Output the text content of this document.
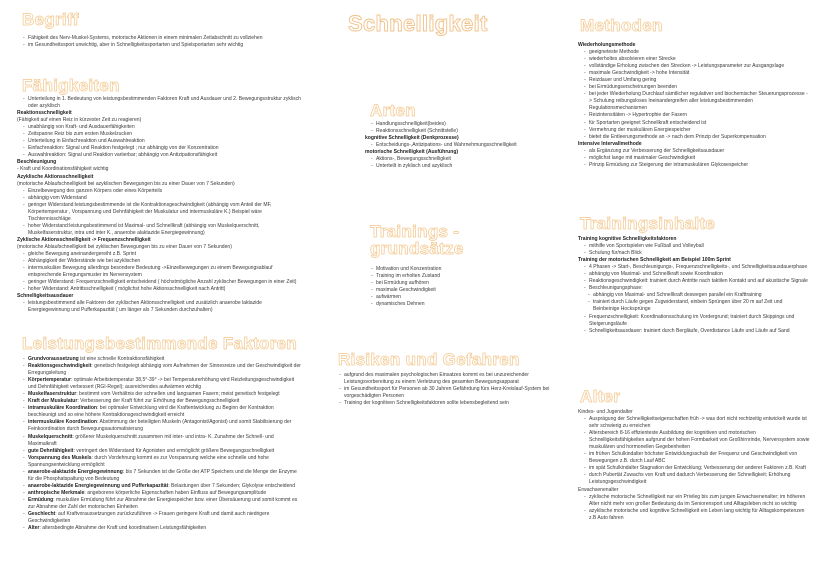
Schnelligkeit
Begriff
- Fähigkeit des Nerv-Muskel-Systems, motorische Aktionen in einem minimalen Zeitabschnitt zu vollziehen
- im Gesundheitssport unwichtig, aber in Schnelligkeitssportarten und Spielsportarten sehr wichtig
Fähigkeiten
- Unterteilung in 1. Bedeutung von leistungsbestimmenden Faktoren Kraft und Ausdauer und 2. Bewegungsstruktur zyklisch oder azyklisch
Reaktionsschnelligkeit
(Fähigkeit auf einen Reiz in kürzester Zeit zu reagieren)
- unabhängig von Kraft- und Ausdauerfähigkeiten
- Zeitspanne Reiz bis zum ersten Muskelzucken
- Unterteilung in Einfachreaktion und Auswahlreaktion
- Einfachreaktion: Signal und Reaktion festgelegt ; nur abhängig von der Konzentration
- Auswahlreaktion: Signal und Reaktion variierbar; abhängig von Antizipationsfähigkeit
Beschleunigung
- Kraft und Koordinationsfähigkeit wichtig
Azyklische Aktionsschnelligkeit
(motorische Ablaufschnelligkeit bei azyklischen Bewegungen bis zu einer Dauer von 7 Sekunden)
- Einzelbewegung des ganzen Körpers oder eines Körperteils
- abhängig vom Widerstand
- geringer Widerstand:leistungsbestimmende ist die Kontraktionsgeschwindigkeit (abhängig vom Anteil der MF, Körpertemperatur , Vorspannung und Dehnfähigkeit der Muskulatur und intermuskuläre K.) Beispiel wäre Tischtennisschläge
- hoher Widerstand:leistungsbestimmend ist Maximal- und Schnellkraft (abhängig von Muskelquerschnitt, Muskelfaserstruktur, intra und inter K., anaerobe alaktazide Energiegewinnung)
Zyklische Aktionsschnelligkeit -> Frequenzschnelligkeit
(motorische Ablaufschnelligkeit bei zyklischen Bewegungen bis zu einer Dauer von 7 Sekunden)
- gleiche Bewegung aneinandergereiht z.B. Sprint
- Abhängigkeit der Widerstände wie bei azyklischen
- intermuskuläre Bewegung allerdings besondere Bedeutung ->Einzelbewegungen zu einem Bewegungsablauf entsprechende Erregungsmuster im Nervensystem
- geringer Widerstand: Frequenzschnelligkeit entscheidend ( höchstmögliche Anzahl zyklischer Bewegungen in einer Zeit)
- hoher Widerstand: Antrittsschnelligkeit ( möglichst hohe Aktionsschnelligkeit nach Antritt)
Schnelligkeitsausdauer
- leistungsbestimmend alle Faktoren der zyklischen Aktionsschnelligkeit und zusätzlich anaerobe laktazide Energiegewinnung und Pufferkapazität ( um länger als 7 Sekunden durchzuhalten)
Leistungsbestimmende Faktoren
- Grundvoraussetzung ist eine schnelle Kontraktionsfähigkeit
- Reaktionsgeschwindigkeit: genetisch festgelegt abhängig vom Aufnehmen der Sinnesreize und der Geschwindigkeit der Erregungsleitung
- Körpertemperatur: optimale Arbeitstemperatur 38,5°-39° -> bei Temperaturerhöhung wird Reizleitungsgeschwindigkeit und Dehnfähigkeit verbessert (RGI-Regel); ausreichendes aufwärmen wichtig
- Muskelfaserstruktur: bestimmt vom Verhältnis der schnellen und langsamen Fasern; meist genetisch festgelegt
- Kraft der Muskulatur: Verbesserung der Kraft führt zur Erhöhung der Bewegungsschnelligkeit
- intramuskuläre Koordination: bei optimaler Entwicklung wird die Kraftentwicklung zu Beginn der Kontraktion beschleunigt und so eine höhere Kontraktionsgeschwindigkeit erreicht
- intermuskuläre Koordination: Abstimmung der beteiligten Muskeln (Antagonist/Agonist) und somit Stabilisierung der Feinkoordination durch Bewegungsautomatisierung
- Muskelquerschnitt: größerer Muskelquerschnitt zusammen mit inter- und intra- K. Zunahme der Schnell- und Maximalkraft
- gute Dehnfähigkeit: verringert den Widerstand für Agonisten und ermöglicht größere Bewegungsschnelligkeit
- Vorspannung des Muskels: durch Vordehnung kommt es zur Vorspannung welche eine schnelle und hohe Spannungsentwicklung ermöglicht
- anaerobe-alaktazide Energiegewinnung: bis 7 Sekunden ist die Größe der ATP Speichers und die Menge der Enzyme für die Phosphatspaltung von Bedeutung
- anaerobe-laktazide Energiegewinnung und Pufferkapazität: Belastungen über 7 Sekunden; Glykolyse entscheidend
- anthropische Merkmale: angeborene körperliche Eigenschaften haben Einfluss auf Bewegungsamplitude
- Ermüdung: muskuläre Ermüdung führt zur Abnahme der Energiespeicher bzw. einer Übersäuerung und somit kommt es zur Abnahme der Zahl der motorischen Einheiten
- Geschlecht: auf Kraftvoraussetzungen zurückzuführen -> Frauen geringere Kraft und damit auch niedrigere Geschwindigkeiten
- Alter: altersbedingte Abnahme der Kraft und koordinativen Leistungsfähigkeiten
Arten
- Handlungsschnelligkeit(beides)
- Reaktionsschnelligkeit (Schnittstelle)
kognitive Schnelligkeit (Denkprozesse)
- Entscheidungs-,Antizipations- und Wahrnehmungsschnelligkeit
motorische Schnelligkeit (Ausführung)
- Aktions-, Bewegungsschnelligkeit
- Unterteilt in zyklisch und azyklisch
Trainings -
grundsätze
- Motivation und Konzentration
- Training im erholten Zustand
- bei Ermüdung aufhören
- maximale Geschwindigkeit
- aufwärmen
- dynamisches Dehnen
Risiken und Gefahren
- aufgrund des maximalen psychologischen Einsatzes kommt es bei unzureichender Leistungsvorbereitung zu einem Verletzung des gesamten Bewegungsapparat
- im Gesundheitssport für Personen ab 30 Jahren Gefährdung fürs Herz-Kreislauf-System bei vorgeschädigten Personen
- Training der kognitiven Schnelligkeitsfaktoren sollte lebensbegleitend sein
Methoden
Wiederholungsmethode
- geeigneteste Methode
- wiederholtes absolvieren einer Strecke
- vollständige Erholung zwischen den Strecken -> Leistungsparameter zur Ausgangslage
- maximale Geschwindigkeit -> hohe Intensität
- Reizdauer und Umfang gering
- bei Ermüdungserscheinungen beenden
- bei jeder Wiederholung Durchlauf sämtlicher regulativer und biochemischer Steuerungsprozesse -> Schulung reibungsloses Ineinandergreifen aller leistungsbestimmenden Regulationsmechanismen
- Reizintensitäten -> Hypertrophie der Fasern
- für Sportarten geeignet Schnellkraft entscheidend ist
- Vermehrung der muskulären Energiespeicher
- bietet die Entleerungsmethode an -> nach dem Prinzip der Superkompensation
Intensive Intervallmethode
- als Ergänzung zur Verbesserung der Schnelligkeitsausdauer
- möglichst lange mit maximaler Geschwindigkeit
- Prinzip Ermüdung zur Steigerung der intramuskulären Glykosespeicher
Trainingsinhalte
Training kognitive Schnelligkeitsfaktoren
- mithilfe von Sportspielen wie Fußball und Volleyball
- Schulung für/nach Blick
Training der motorischen Schnelligkeit am Beispiel 100m Sprint
- 4 Phasen -> Start-, Beschleunigungs-, Frequenzschnelligkeits-, und Schnelligkeitsausdauerphase
- abhängig von Maximal- und Schnellkraft sowie Koordination
- Reaktionsgeschwindigkeit: trainiert durch Antritte nach taktilen Kontakt und auf akustische Signale
- Beschleunigungsphase:
- abhängig von Maximal- und Schnellkraft deswegen parallel ein Krafttraining
- trainiert durch Läufe gegen Zugwiderstand, einbein Sprüngen über 20 m auf Zeit und Beinbeinige Hocksprünge
- Frequenzschnelligkeit: Koordinationsschulung im Vordergrund; trainiert durch Skippings und Steigerungsläufe
- Schnelligkeitsausdauer: trainiert durch Bergläufe, Overdistance Läufe und Läufe auf Sand
Alter
Kindes- und Jugendalter
- Ausprägung der Schnelligkeitseigenschaften früh -> was dort nicht rechtzeitig entwickelt wurde ist sehr schwierig zu erreichen
- Altersbereich 8-16 effizienteste Ausbildung der kognitiven und motorischen Schnelligkeitsfähigkeiten aufgrund der hohen Formbarkeit von Großhirnrinde, Nervensystem sowie muskulären und hormonellen Gegebenheiten
- im frühen Schulkindalter höchster Entwicklungsschub der Frequenz und Geschwindigkeit von Bewegungen z.B. durch Lauf ABC
- im spät Schulkindalter Stagnation der Entwicklung; Verbesserung der anderer Faktoren z.B. Kraft
- durch Pubertät Zuwachs von Kraft und dadurch Verbesserung der Schnelligkeit; Erhöhung Leistungsgeschwindigkeit
Erwachsenenalter
- zyklische motorische Schnelligkeit nur ein Privileg bis zum jungen Erwachsenenalter; im höheren Alter nicht mehr von großer Bedeutung da im Seniorensport und Alltagsleben nicht so wichtig
- azyklische motorische und kognitive Schnelligkeit ein Leben lang wichtig für Alltagskompetenzen z.B Auto fahren
